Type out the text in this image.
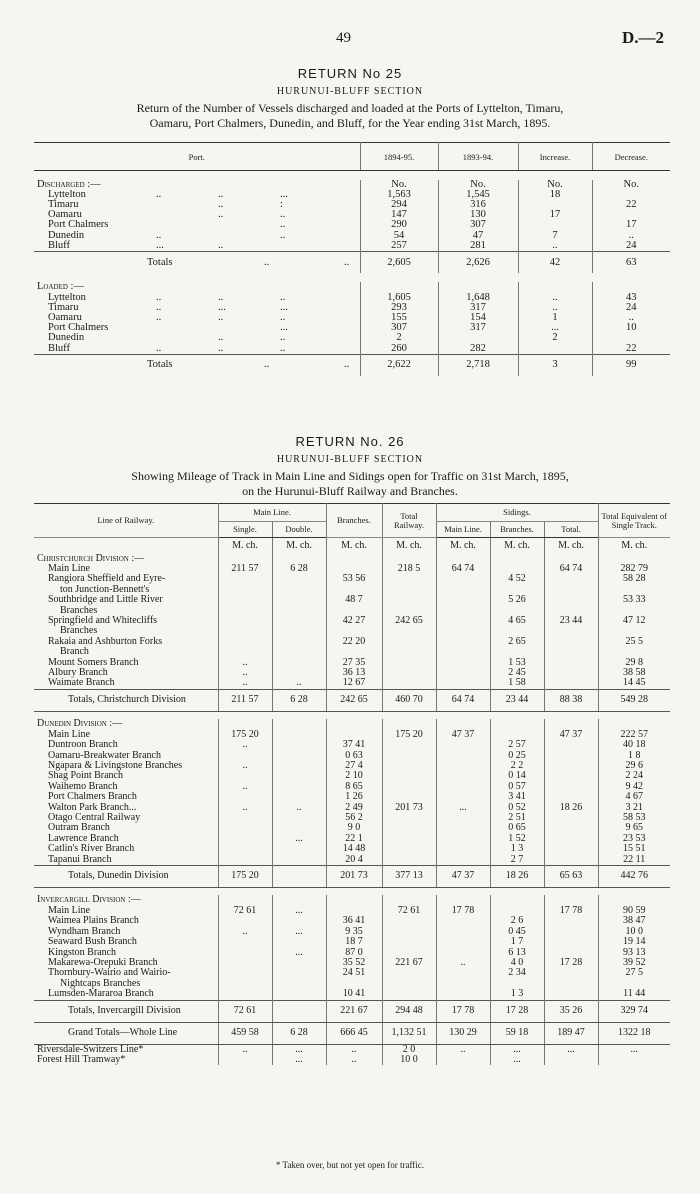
49	D.—2
RETURN No 25
HURUNUI-BLUFF SECTION
Return of the Number of Vessels discharged and loaded at the Ports of Lyttelton, Timaru,
Oamaru, Port Chalmers, Dunedin, and Bluff, for the Year ending 31st March, 1895.
Port.	1894-95.	1893-94.	Increase.	Decrease.

Discharged :—	No.	No.	No.	No.
Lyttelton .. .. ...	1,563	1,545	18	
Timaru .. :	294	316		22
Oamaru .. ..	147	130	17	
Port Chalmers ..	290	307		17
Dunedin .. ..	54	47	7	..
Bluff ... ..	257	281	..	24
Totals .. ..	2,605	2,626	42	63

Loaded :—				
Lyttelton .. .. ..	1,605	1,648	..	43
Timaru .. ... ...	293	317	..	24
Oamaru .. .. ..	155	154	1	..
Port Chalmers ...	307	317	...	10
Dunedin .. ..	2		2	
Bluff .. .. ..	260	282		22
Totals .. ..	2,622	2,718	3	99
RETURN No. 26
HURUNUI-BLUFF SECTION
Showing Mileage of Track in Main Line and Sidings open for Traffic on 31st March, 1895,
on the Hurunui-Bluff Railway and Branches.
Line of Railway.	Main Line.		Branches.	Total Railway.	Sidings.			Total Equivalent of Single Track.
	Single.	Double.			Main Line.	Branches.	Total.	
	M. ch.	M. ch.	M. ch.	M. ch.	M. ch.	M. ch.	M. ch.	M. ch.
Christchurch Division :—								
Main Line	211 57	6 28		218 5	64 74		64 74	282 79
Rangiora Sheffield and Eyre-			53 56			4 52		58 28
ton Junction-Bennett's								
Southbridge and Little River			48 7			5 26		53 33
Branches								
Springfield and Whitecliffs			42 27	242 65		4 65	23 44	47 12
Branches								
Rakaia and Ashburton Forks			22 20			2 65		25 5
Branch								
Mount Somers Branch	..		27 35			1 53		29 8
Albury Branch	..		36 13			2 45		38 58
Waimate Branch	..	..	12 67			1 58		14 45
Totals, Christchurch Division	211 57	6 28	242 65	460 70	64 74	23 44	88 38	549 28

Dunedin Division :—								
Main Line	175 20			175 20	47 37		47 37	222 57
Duntroon Branch	..		37 41			2 57		40 18
Oamaru-Breakwater Branch			0 63			0 25		1 8
Ngapara & Livingstone Branches	..		27 4			2 2		29 6
Shag Point Branch			2 10			0 14		2 24
Waihemo Branch	..		8 65			0 57		9 42
Port Chalmers Branch			1 26			3 41		4 67
Walton Park Branch...	..	..	2 49	201 73	...	0 52	18 26	3 21
Otago Central Railway			56 2			2 51		58 53
Outram Branch			9 0			0 65		9 65
Lawrence Branch		...	22 1			1 52		23 53
Catlin's River Branch			14 48			1 3		15 51
Tapanui Branch			20 4			2 7		22 11
Totals, Dunedin Division	175 20		201 73	377 13	47 37	18 26	65 63	442 76

Invercargill Division :—								
Main Line	72 61	...		72 61	17 78		17 78	90 59
Waimea Plains Branch			36 41			2 6		38 47
Wyndham Branch	..	...	9 35			0 45		10 0
Seaward Bush Branch			18 7			1 7		19 14
Kingston Branch		...	87 0			6 13		93 13
Makarewa-Orepuki Branch			35 52	221 67	..	4 0	17 28	39 52
Thornbury-Wairio and Wairio-			24 51			2 34		27 5
Nightcaps Branches								
Lumsden-Mararoa Branch			10 41			1 3		11 44
Totals, Invercargill Division	72 61		221 67	294 48	17 78	17 28	35 26	329 74
Grand Totals—Whole Line	459 58	6 28	666 45	1,132 51	130 29	59 18	189 47	1322 18
Riversdale-Switzers Line*	..	...	..	2 0	..	...	...	...
Forest Hill Tramway*		...	..	10 0		...		
* Taken over, but not yet open for traffic.
